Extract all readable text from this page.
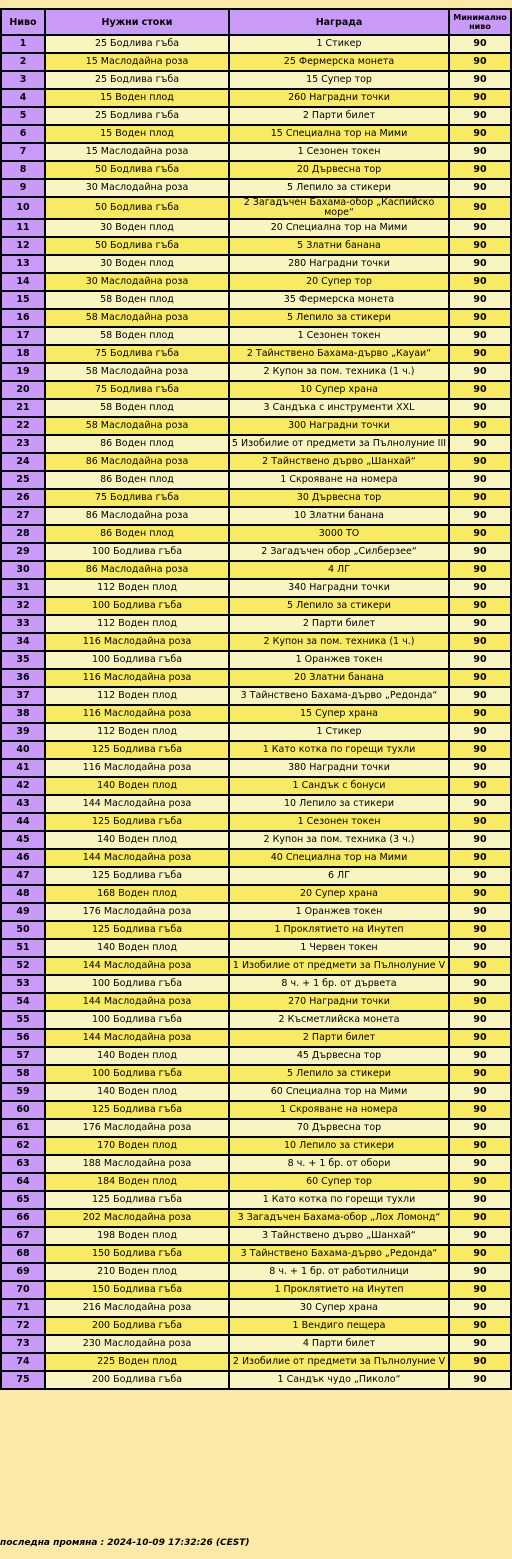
Ниво	Нужни стоки	Награда	Минимално ниво
1	25 Бодлива гъба	1 Стикер	90
2	15 Маслодайна роза	25 Фермерска монета	90
3	25 Бодлива гъба	15 Супер тор	90
4	15 Воден плод	260 Наградни точки	90
5	25 Бодлива гъба	2 Парти билет	90
6	15 Воден плод	15 Специална тор на Мими	90
7	15 Маслодайна роза	1 Сезонен токен	90
8	50 Бодлива гъба	20 Дървесна тор	90
9	30 Маслодайна роза	5 Лепило за стикери	90
10	50 Бодлива гъба	2 Загадъчен Бахама-обор „Каспийско море“	90
11	30 Воден плод	20 Специална тор на Мими	90
12	50 Бодлива гъба	5 Златни банана	90
13	30 Воден плод	280 Наградни точки	90
14	30 Маслодайна роза	20 Супер тор	90
15	58 Воден плод	35 Фермерска монета	90
16	58 Маслодайна роза	5 Лепило за стикери	90
17	58 Воден плод	1 Сезонен токен	90
18	75 Бодлива гъба	2 Тайнствено Бахама-дърво „Кауаи“	90
19	58 Маслодайна роза	2 Купон за пом. техника (1 ч.)	90
20	75 Бодлива гъба	10 Супер храна	90
21	58 Воден плод	3 Сандъка с инструменти XXL	90
22	58 Маслодайна роза	300 Наградни точки	90
23	86 Воден плод	5 Изобилие от предмети за Пълнолуние III	90
24	86 Маслодайна роза	2 Тайнствено дърво „Шанхай“	90
25	86 Воден плод	1 Скрояване на номера	90
26	75 Бодлива гъба	30 Дървесна тор	90
27	86 Маслодайна роза	10 Златни банана	90
28	86 Воден плод	3000 ТО	90
29	100 Бодлива гъба	2 Загадъчен обор „Силберзее“	90
30	86 Маслодайна роза	4 ЛГ	90
31	112 Воден плод	340 Наградни точки	90
32	100 Бодлива гъба	5 Лепило за стикери	90
33	112 Воден плод	2 Парти билет	90
34	116 Маслодайна роза	2 Купон за пом. техника (1 ч.)	90
35	100 Бодлива гъба	1 Оранжев токен	90
36	116 Маслодайна роза	20 Златни банана	90
37	112 Воден плод	3 Тайнствено Бахама-дърво „Редонда“	90
38	116 Маслодайна роза	15 Супер храна	90
39	112 Воден плод	1 Стикер	90
40	125 Бодлива гъба	1 Като котка по горещи тухли	90
41	116 Маслодайна роза	380 Наградни точки	90
42	140 Воден плод	1 Сандък с бонуси	90
43	144 Маслодайна роза	10 Лепило за стикери	90
44	125 Бодлива гъба	1 Сезонен токен	90
45	140 Воден плод	2 Купон за пом. техника (3 ч.)	90
46	144 Маслодайна роза	40 Специална тор на Мими	90
47	125 Бодлива гъба	6 ЛГ	90
48	168 Воден плод	20 Супер храна	90
49	176 Маслодайна роза	1 Оранжев токен	90
50	125 Бодлива гъба	1 Проклятието на Инутеп	90
51	140 Воден плод	1 Червен токен	90
52	144 Маслодайна роза	1 Изобилие от предмети за Пълнолуние V	90
53	100 Бодлива гъба	8 ч. + 1 бр. от дървета	90
54	144 Маслодайна роза	270 Наградни точки	90
55	100 Бодлива гъба	2 Късметлийска монета	90
56	144 Маслодайна роза	2 Парти билет	90
57	140 Воден плод	45 Дървесна тор	90
58	100 Бодлива гъба	5 Лепило за стикери	90
59	140 Воден плод	60 Специална тор на Мими	90
60	125 Бодлива гъба	1 Скрояване на номера	90
61	176 Маслодайна роза	70 Дървесна тор	90
62	170 Воден плод	10 Лепило за стикери	90
63	188 Маслодайна роза	8 ч. + 1 бр. от обори	90
64	184 Воден плод	60 Супер тор	90
65	125 Бодлива гъба	1 Като котка по горещи тухли	90
66	202 Маслодайна роза	3 Загадъчен Бахама-обор „Лох Ломонд“	90
67	198 Воден плод	3 Тайнствено дърво „Шанхай“	90
68	150 Бодлива гъба	3 Тайнствено Бахама-дърво „Редонда“	90
69	210 Воден плод	8 ч. + 1 бр. от работилници	90
70	150 Бодлива гъба	1 Проклятието на Инутеп	90
71	216 Маслодайна роза	30 Супер храна	90
72	200 Бодлива гъба	1 Вендиго пещера	90
73	230 Маслодайна роза	4 Парти билет	90
74	225 Воден плод	2 Изобилие от предмети за Пълнолуние V	90
75	200 Бодлива гъба	1 Сандък чудо „Пиколо“	90
последна промяна : 2024-10-09 17:32:26 (CEST)
